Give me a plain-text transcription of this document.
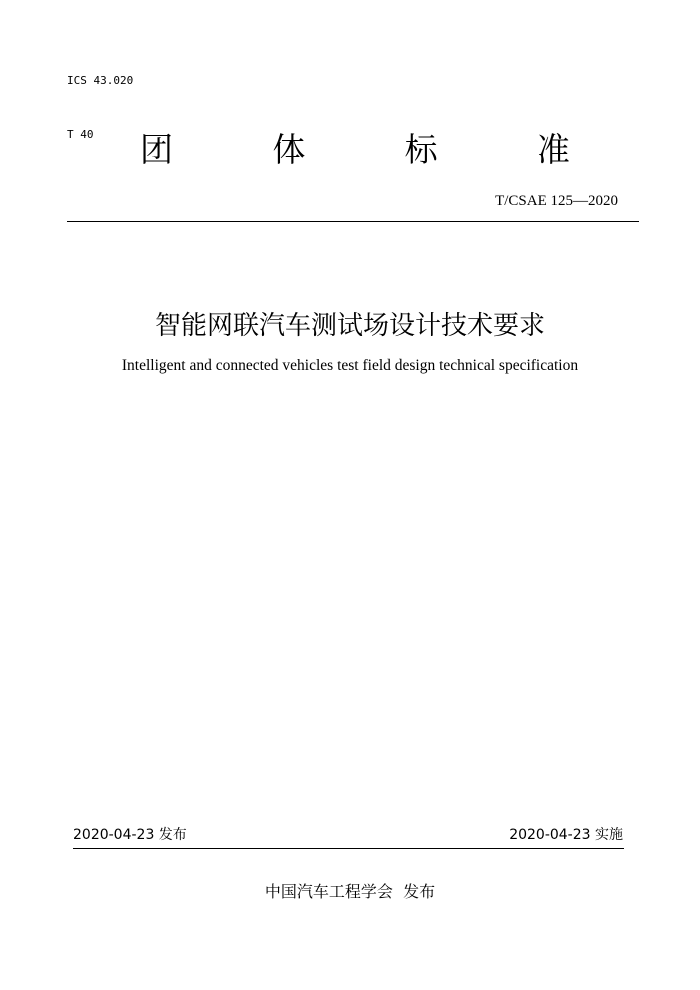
ICS 43.020

T 40	团	体	标	准
T/CSAE 125—2020
智能网联汽车测试场设计技术要求
Intelligent and connected vehicles test field design technical specification
2020-04-23 发布	2020-04-23 实施
中国汽车工程学会  发布
